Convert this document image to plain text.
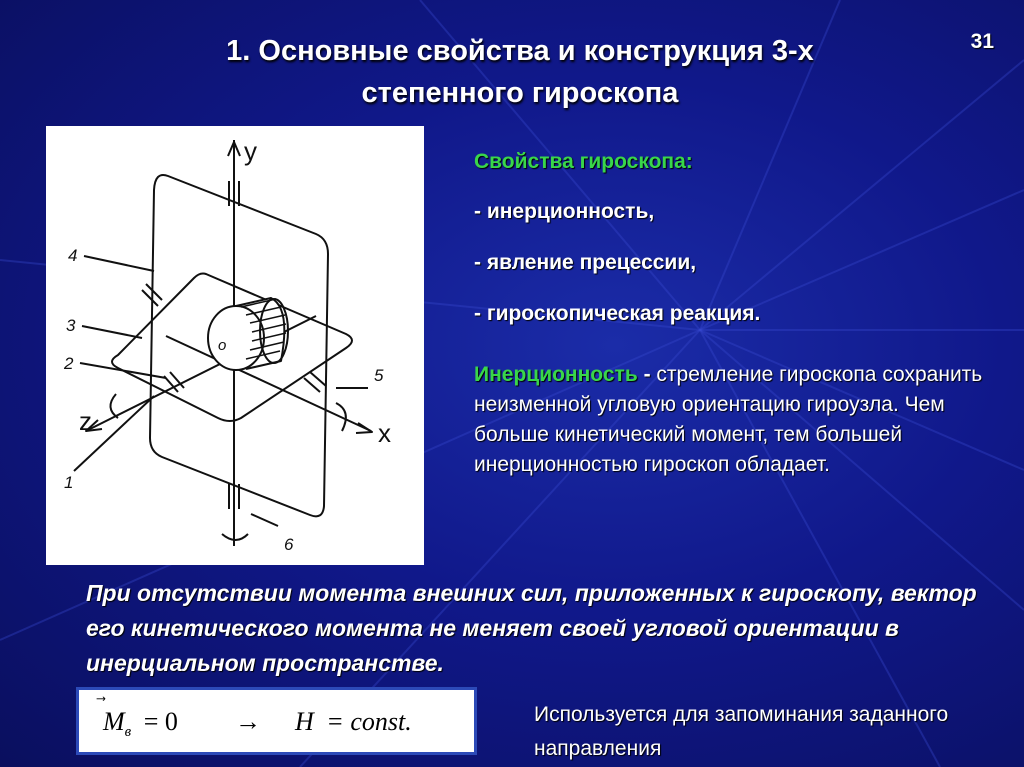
1. Основные свойства и конструкция 3-х
степенного гироскопа
31
y
x
z
o
4
3
2
1
5
6
Свойства гироскопа:
- инерционность,
- явление прецессии,
- гироскопическая реакция.
Инерционность - стремление гироскопа сохранить неизменной угловую ориентацию гироузла. Чем больше кинетический момент, тем большей инерционностью гироскоп обладает.
При отсутствии момента внешних сил, приложенных к гироскопу, вектор его кинетического момента не меняет своей угловой ориентации в инерциальном пространстве.
$M_в = 0 \to H$ = const.	Используется для запоминания заданного направления
